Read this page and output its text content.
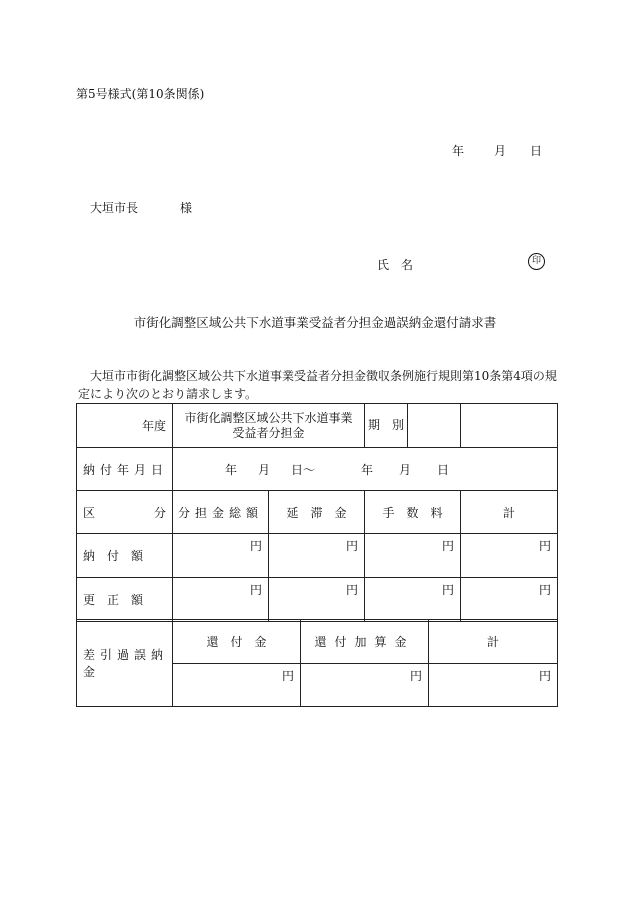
第5号様式(第10条関係)
年 月 日
大垣市長	様
氏　名	印
市街化調整区域公共下水道事業受益者分担金過誤納金還付請求書
大垣市市街化調整区域公共下水道事業受益者分担金徴収条例施行規則第10条第4項の規定により次のとおり請求します。
年度	市街化調整区域公共下水道事業
受益者分担金		期　別	

納付年月日	年 月 日～ 年 月 日			

区 分	分担金総額	延　滞　金	手　数　料	計
納　付　額	円	円	円	円

更　正　額	円	円	円	円
差引過誤納金	還　付　金	還付加算金	計

	円	円	円
